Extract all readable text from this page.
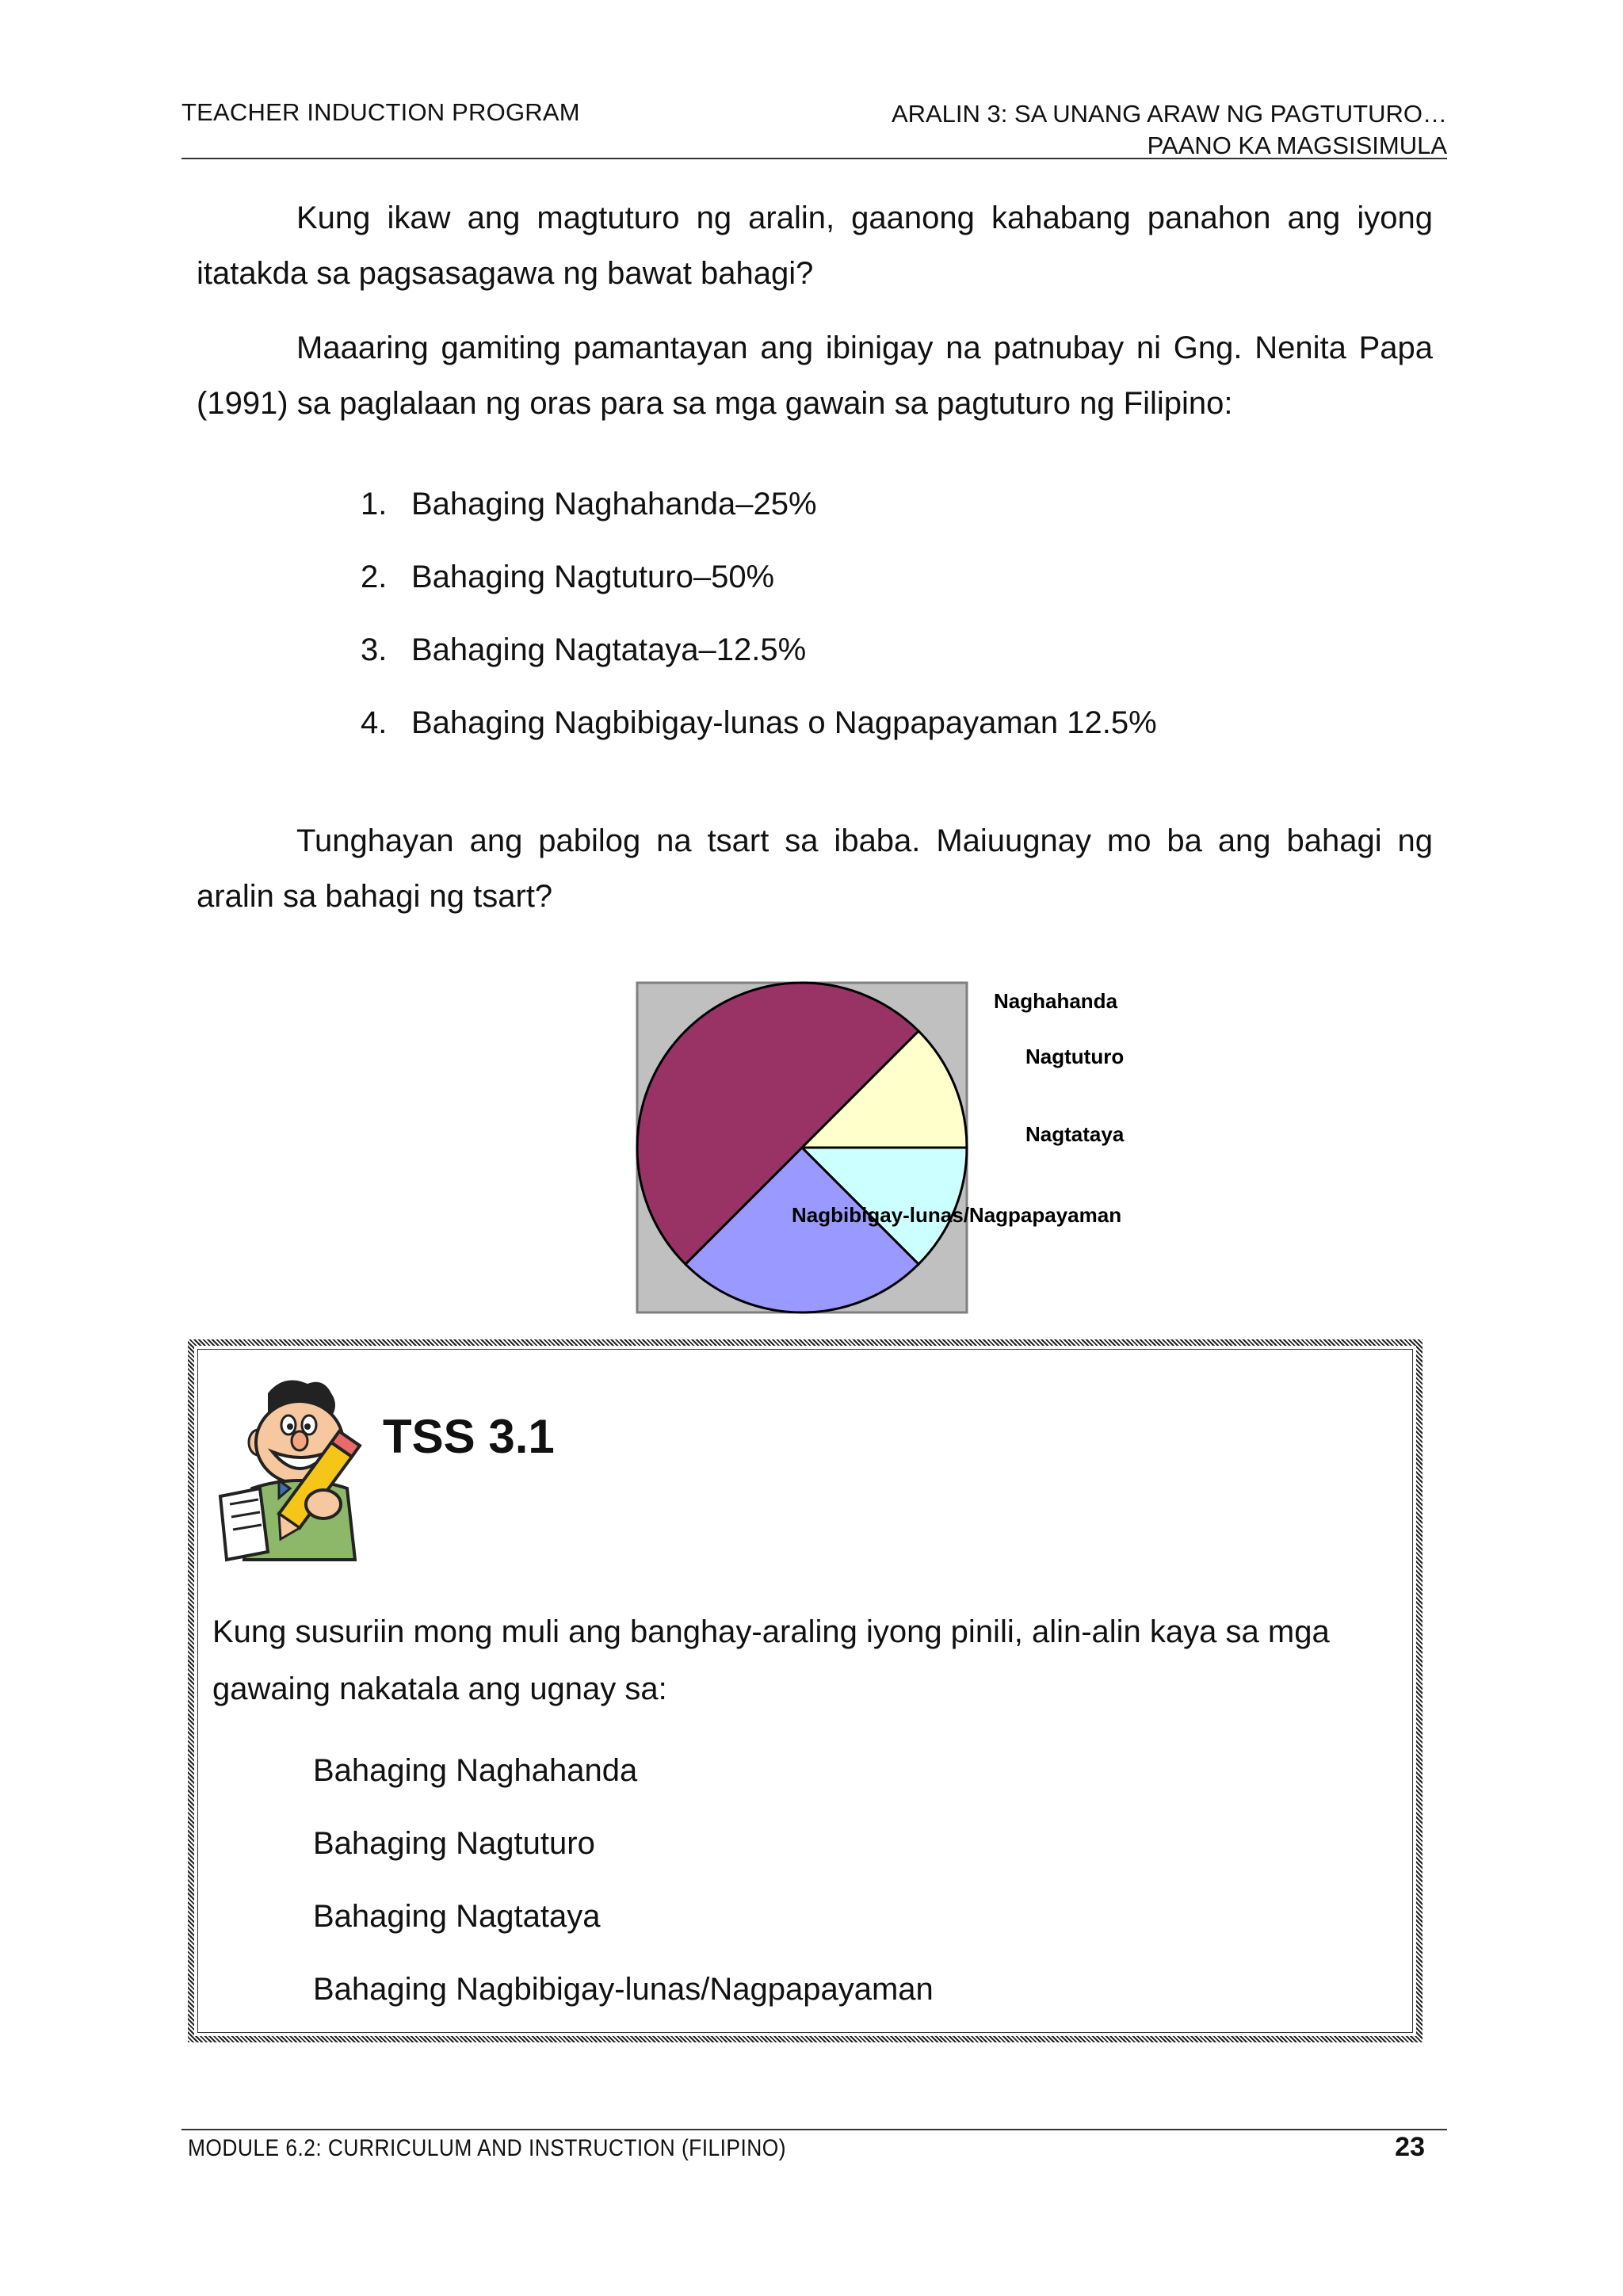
TEACHER INDUCTION PROGRAM	ARALIN 3: SA UNANG ARAW NG PAGTUTURO…
PAANO KA MAGSISIMULA
Kung ikaw ang magtuturo ng aralin, gaanong kahabang panahon ang iyong itatakda sa pagsasagawa ng bawat bahagi?
Maaaring gamiting pamantayan ang ibinigay na patnubay ni Gng. Nenita Papa (1991) sa paglalaan ng oras para sa mga gawain sa pagtuturo ng Filipino:
1. Bahaging Naghahanda–25%
2. Bahaging Nagtuturo–50%
3. Bahaging Nagtataya–12.5%
4. Bahaging Nagbibigay-lunas o Nagpapayaman 12.5%
Tunghayan ang pabilog na tsart sa ibaba. Maiuugnay mo ba ang bahagi ng aralin sa bahagi ng tsart?
Naghahanda
Nagtuturo
Nagtataya
Nagbibigay-lunas/Nagpapayaman
TSS 3.1
Kung susuriin mong muli ang banghay-araling iyong pinili, alin-alin kaya sa mga gawaing nakatala ang ugnay sa:
Bahaging Naghahanda
Bahaging Nagtuturo
Bahaging Nagtataya
Bahaging Nagbibigay-lunas/Nagpapayaman
MODULE 6.2: CURRICULUM AND INSTRUCTION (FILIPINO)	23
